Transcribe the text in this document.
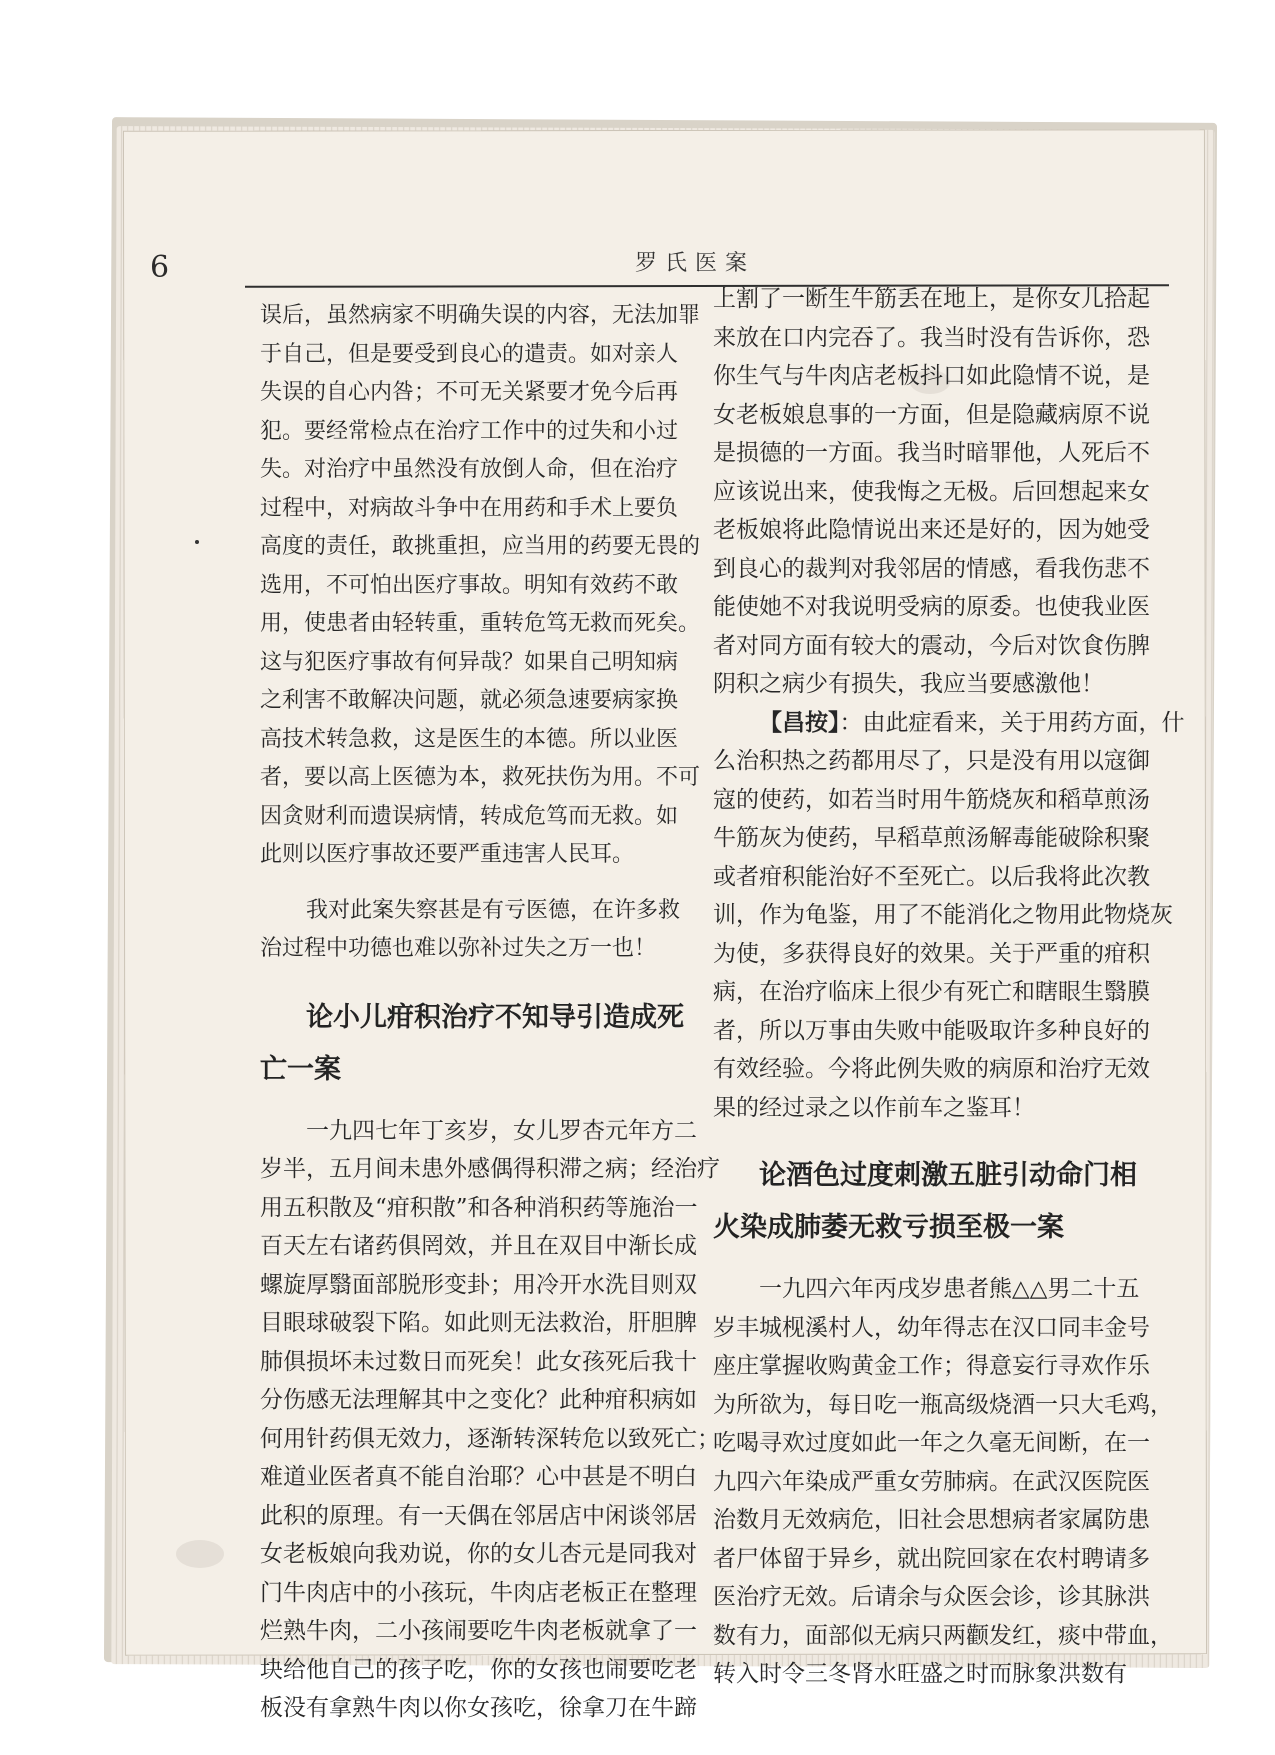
6	罗氏医案
误后，虽然病家不明确失误的内容，无法加罪
于自己，但是要受到良心的遣责。如对亲人
失误的自心内咎；不可无关紧要才免今后再
犯。要经常检点在治疗工作中的过失和小过
失。对治疗中虽然没有放倒人命，但在治疗
过程中，对病故斗争中在用药和手术上要负
高度的责任，敢挑重担，应当用的药要无畏的
选用，不可怕出医疗事故。明知有效药不敢
用，使患者由轻转重，重转危笃无救而死矣。
这与犯医疗事故有何异哉？如果自己明知病
之利害不敢解决问题，就必须急速要病家换
高技术转急救，这是医生的本德。所以业医
者，要以高上医德为本，救死扶伤为用。不可
因贪财利而遗误病情，转成危笃而无救。如
此则以医疗事故还要严重违害人民耳。
我对此案失察甚是有亏医德，在许多救
治过程中功德也难以弥补过失之万一也！
论小儿疳积治疗不知导引造成死
亡一案
一九四七年丁亥岁，女儿罗杏元年方二
岁半，五月间未患外感偶得积滞之病；经治疗
用五积散及“疳积散”和各种消积药等施治一
百天左右诸药俱罔效，并且在双目中渐长成
螺旋厚翳面部脱形变卦；用冷开水洗目则双
目眼球破裂下陷。如此则无法救治，肝胆脾
肺俱损坏未过数日而死矣！此女孩死后我十
分伤感无法理解其中之变化？此种疳积病如
何用针药俱无效力，逐渐转深转危以致死亡；
难道业医者真不能自治耶？心中甚是不明白
此积的原理。有一天偶在邻居店中闲谈邻居
女老板娘向我劝说，你的女儿杏元是同我对
门牛肉店中的小孩玩，牛肉店老板正在整理
烂熟牛肉，二小孩闹要吃牛肉老板就拿了一
块给他自己的孩子吃，你的女孩也闹要吃老
板没有拿熟牛肉以你女孩吃，徐拿刀在牛蹄
上割了一断生牛筋丢在地上，是你女儿拾起
来放在口内完吞了。我当时没有告诉你，恐
你生气与牛肉店老板抖口如此隐情不说，是
女老板娘息事的一方面，但是隐藏病原不说
是损德的一方面。我当时暗罪他，人死后不
应该说出来，使我悔之无极。后回想起来女
老板娘将此隐情说出来还是好的，因为她受
到良心的裁判对我邻居的情感，看我伤悲不
能使她不对我说明受病的原委。也使我业医
者对同方面有较大的震动，今后对饮食伤脾
阴积之病少有损失，我应当要感激他！
【昌按】：由此症看来，关于用药方面，什
么治积热之药都用尽了，只是没有用以寇御
寇的使药，如若当时用牛筋烧灰和稻草煎汤
牛筋灰为使药，早稻草煎汤解毒能破除积聚
或者疳积能治好不至死亡。以后我将此次教
训，作为龟鉴，用了不能消化之物用此物烧灰
为使，多获得良好的效果。关于严重的疳积
病，在治疗临床上很少有死亡和瞎眼生翳膜
者，所以万事由失败中能吸取许多种良好的
有效经验。今将此例失败的病原和治疗无效
果的经过录之以作前车之鉴耳！
论酒色过度刺激五脏引动命门相
火染成肺萎无救亏损至极一案
一九四六年丙戌岁患者熊△△男二十五
岁丰城枧溪村人，幼年得志在汉口同丰金号
座庄掌握收购黄金工作；得意妄行寻欢作乐
为所欲为，每日吃一瓶高级烧酒一只大毛鸡，
吃喝寻欢过度如此一年之久毫无间断，在一
九四六年染成严重女劳肺病。在武汉医院医
治数月无效病危，旧社会思想病者家属防患
者尸体留于异乡，就出院回家在农村聘请多
医治疗无效。后请余与众医会诊，诊其脉洪
数有力，面部似无病只两颧发红，痰中带血，
转入时令三冬肾水旺盛之时而脉象洪数有
